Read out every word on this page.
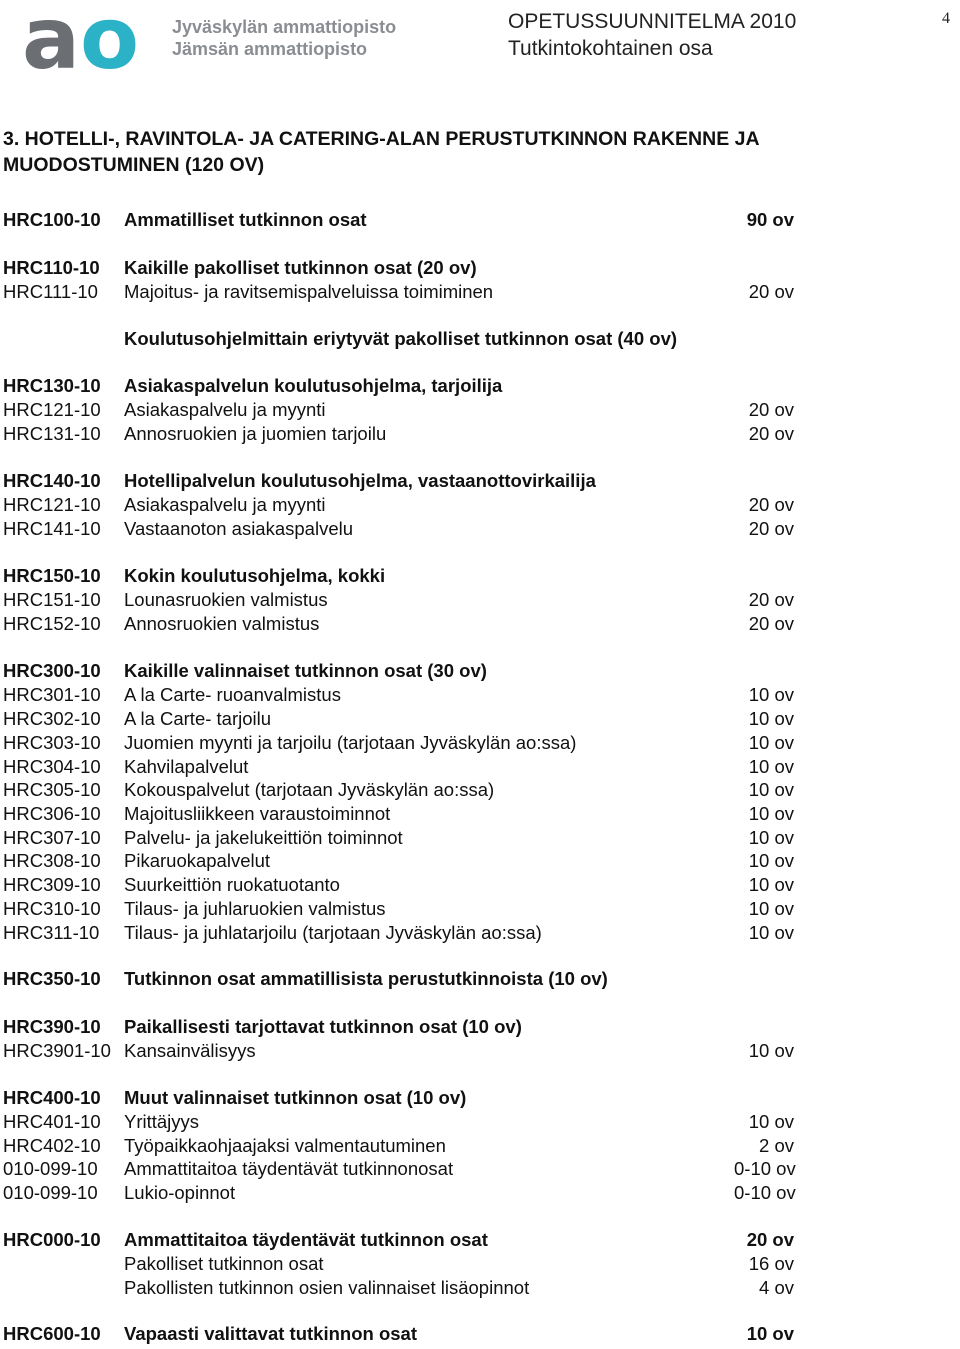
a o Jyväskylän ammattiopisto
Jämsän ammattiopisto
OPETUSSUUNNITELMA 2010
Tutkintokohtainen osa
4
3. HOTELLI-, RAVINTOLA- JA CATERING-ALAN PERUSTUTKINNON RAKENNE JA MUODOSTUMINEN (120 OV)
HRC100-10 Ammatilliset tutkinnon osat	90 ov
HRC110-10 Kaikille pakolliset tutkinnon osat (20 ov)
HRC111-10 Majoitus- ja ravitsemispalveluissa toimiminen	20 ov
Koulutusohjelmittain eriytyvät pakolliset tutkinnon osat (40 ov)
HRC130-10 Asiakaspalvelun koulutusohjelma, tarjoilija
HRC121-10 Asiakaspalvelu ja myynti	20 ov
HRC131-10 Annosruokien ja juomien tarjoilu	20 ov
HRC140-10 Hotellipalvelun koulutusohjelma, vastaanottovirkailija
HRC121-10 Asiakaspalvelu ja myynti	20 ov
HRC141-10 Vastaanoton asiakaspalvelu	20 ov
HRC150-10 Kokin koulutusohjelma, kokki
HRC151-10 Lounasruokien valmistus	20 ov
HRC152-10 Annosruokien valmistus	20 ov
HRC300-10 Kaikille valinnaiset tutkinnon osat (30 ov)
HRC301-10 A la Carte- ruoanvalmistus	10 ov
HRC302-10 A la Carte- tarjoilu	10 ov
HRC303-10 Juomien myynti ja tarjoilu (tarjotaan Jyväskylän ao:ssa)	10 ov
HRC304-10 Kahvilapalvelut	10 ov
HRC305-10 Kokouspalvelut (tarjotaan Jyväskylän ao:ssa)	10 ov
HRC306-10 Majoitusliikkeen varaustoiminnot	10 ov
HRC307-10 Palvelu- ja jakelukeittiön toiminnot	10 ov
HRC308-10 Pikaruokapalvelut	10 ov
HRC309-10 Suurkeittiön ruokatuotanto	10 ov
HRC310-10 Tilaus- ja juhlaruokien valmistus	10 ov
HRC311-10 Tilaus- ja juhlatarjoilu (tarjotaan Jyväskylän ao:ssa)	10 ov
HRC350-10 Tutkinnon osat ammatillisista perustutkinnoista (10 ov)
HRC390-10 Paikallisesti tarjottavat tutkinnon osat (10 ov)
HRC3901-10 Kansainvälisyys	10 ov
HRC400-10 Muut valinnaiset tutkinnon osat (10 ov)
HRC401-10 Yrittäjyys	10 ov
HRC402-10 Työpaikkaohjaajaksi valmentautuminen	2 ov
010-099-10 Ammattitaitoa täydentävät tutkinnonosat	0-10 ov
010-099-10 Lukio-opinnot	0-10 ov
HRC000-10 Ammattitaitoa täydentävät tutkinnon osat	20 ov
Pakolliset tutkinnon osat	16 ov
Pakollisten tutkinnon osien valinnaiset lisäopinnot	4 ov
HRC600-10 Vapaasti valittavat tutkinnon osat	10 ov
